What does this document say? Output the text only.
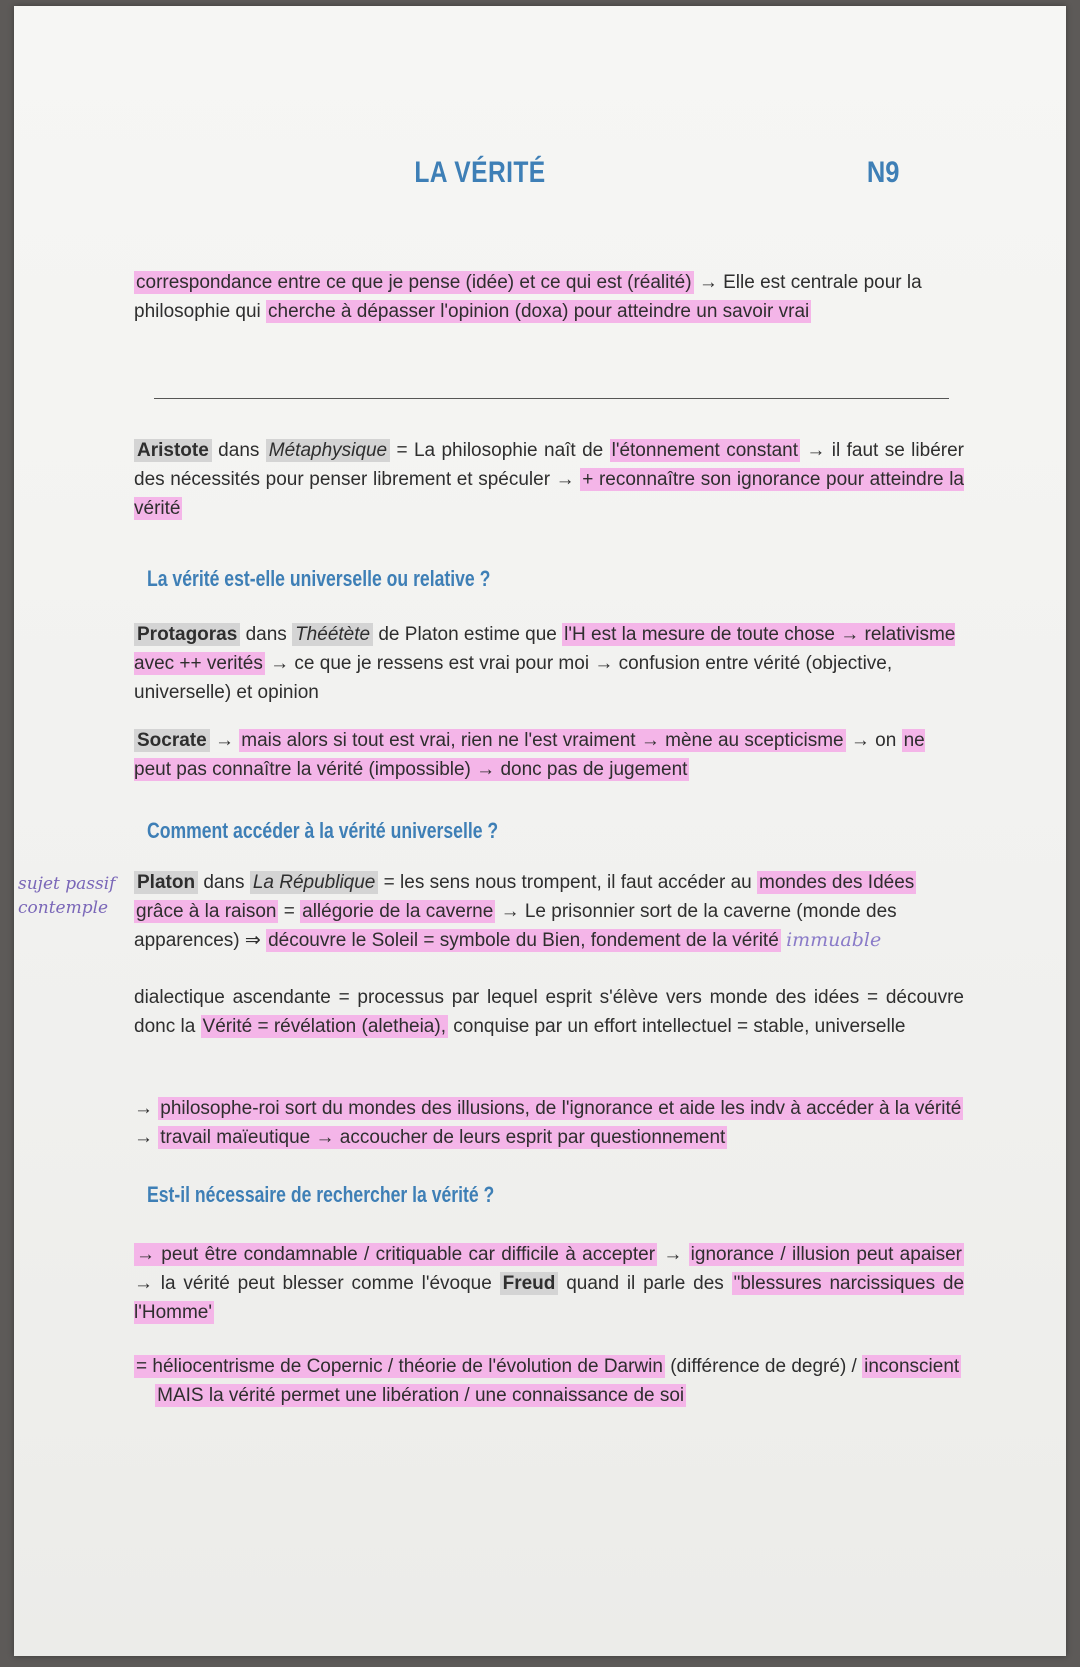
LA VÉRITÉ	N9
correspondance entre ce que je pense (idée) et ce qui est (réalité) → Elle est centrale pour la philosophie qui cherche à dépasser l'opinion (doxa) pour atteindre un savoir vrai
Aristote dans Métaphysique = La philosophie naît de l'étonnement constant → il faut se libérer des nécessités pour penser librement et spéculer → + reconnaître son ignorance pour atteindre la vérité
La vérité est-elle universelle ou relative ?
Protagoras dans Théétète de Platon estime que l'H est la mesure de toute chose → relativisme avec ++ verités → ce que je ressens est vrai pour moi → confusion entre vérité (objective, universelle) et opinion
Socrate → mais alors si tout est vrai, rien ne l'est vraiment → mène au scepticisme → on ne peut pas connaître la vérité (impossible) → donc pas de jugement
Comment accéder à la vérité universelle ?
sujet passif
contemple
Platon dans La République = les sens nous trompent, il faut accéder au mondes des Idées grâce à la raison = allégorie de la caverne → Le prisonnier sort de la caverne (monde des apparences) ⇒ découvre le Soleil = symbole du Bien, fondement de la vérité immuable
dialectique ascendante = processus par lequel esprit s'élève vers monde des idées = découvre donc la Vérité = révélation (aletheia), conquise par un effort intellectuel = stable, universelle
→ philosophe-roi sort du mondes des illusions, de l'ignorance et aide les indv à accéder à la vérité → travail maïeutique → accoucher de leurs esprit par questionnement
Est-il nécessaire de rechercher la vérité ?
→ peut être condamnable / critiquable car difficile à accepter → ignorance / illusion peut apaiser → la vérité peut blesser comme l'évoque Freud quand il parle des "blessures narcissiques de l'Homme'
= héliocentrisme de Copernic / théorie de l'évolution de Darwin (différence de degré) / inconscient    MAIS la vérité permet une libération / une connaissance de soi
